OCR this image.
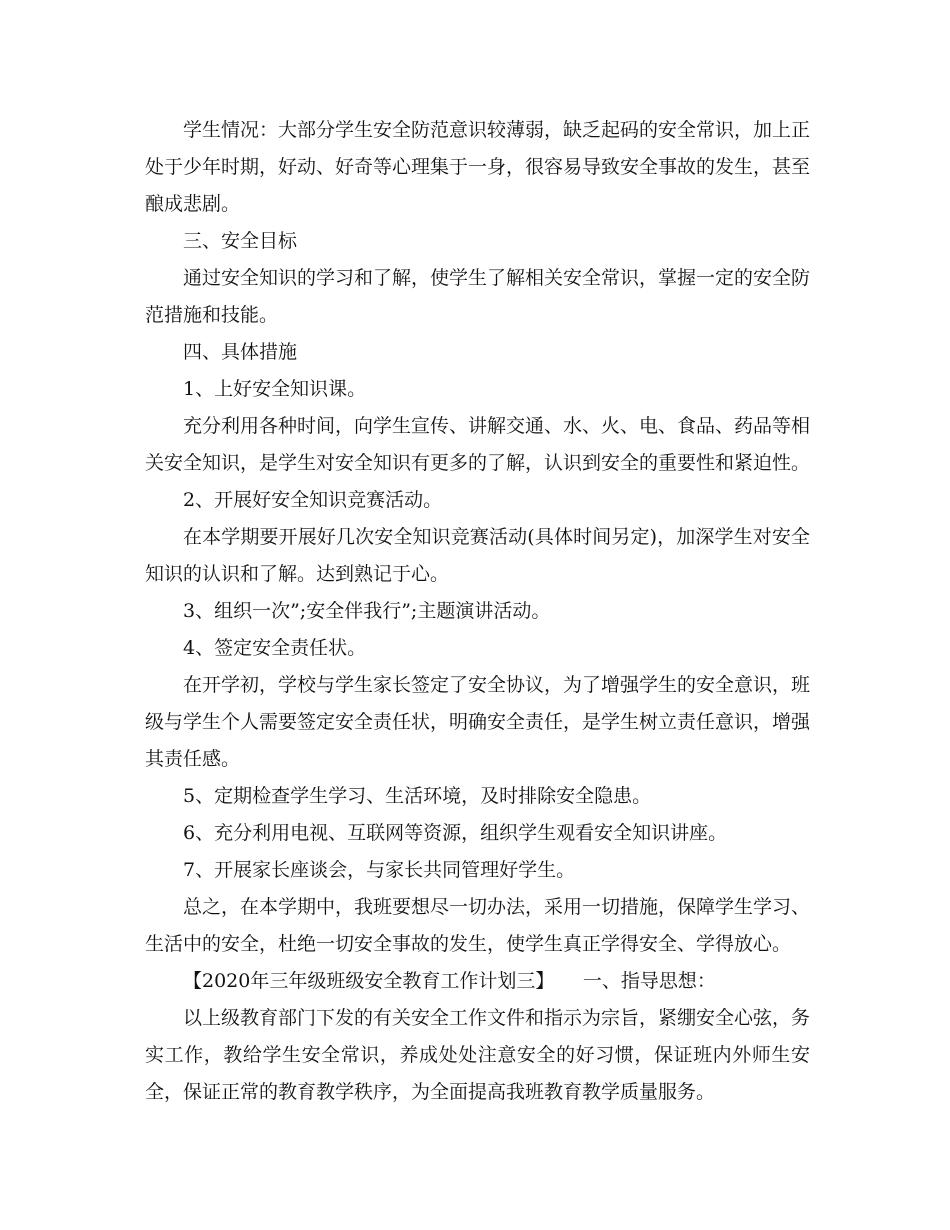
学生情况：大部分学生安全防范意识较薄弱，缺乏起码的安全常识，加上正处于少年时期，好动、好奇等心理集于一身，很容易导致安全事故的发生，甚至酿成悲剧。

三、安全目标

通过安全知识的学习和了解，使学生了解相关安全常识，掌握一定的安全防范措施和技能。

四、具体措施

1、上好安全知识课。

充分利用各种时间，向学生宣传、讲解交通、水、火、电、食品、药品等相关安全知识，是学生对安全知识有更多的了解，认识到安全的重要性和紧迫性。

2、开展好安全知识竞赛活动。

在本学期要开展好几次安全知识竞赛活动(具体时间另定)，加深学生对安全知识的认识和了解。达到熟记于心。

3、组织一次”;安全伴我行”;主题演讲活动。

4、签定安全责任状。

在开学初，学校与学生家长签定了安全协议，为了增强学生的安全意识，班级与学生个人需要签定安全责任状，明确安全责任，是学生树立责任意识，增强其责任感。

5、定期检查学生学习、生活环境，及时排除安全隐患。

6、充分利用电视、互联网等资源，组织学生观看安全知识讲座。

7、开展家长座谈会，与家长共同管理好学生。

总之，在本学期中，我班要想尽一切办法，采用一切措施，保障学生学习、生活中的安全，杜绝一切安全事故的发生，使学生真正学得安全、学得放心。

【2020年三年级班级安全教育工作计划三】　　一、指导思想：

以上级教育部门下发的有关安全工作文件和指示为宗旨，紧绷安全心弦，务实工作，教给学生安全常识，养成处处注意安全的好习惯，保证班内外师生安全，保证正常的教育教学秩序，为全面提高我班教育教学质量服务。
